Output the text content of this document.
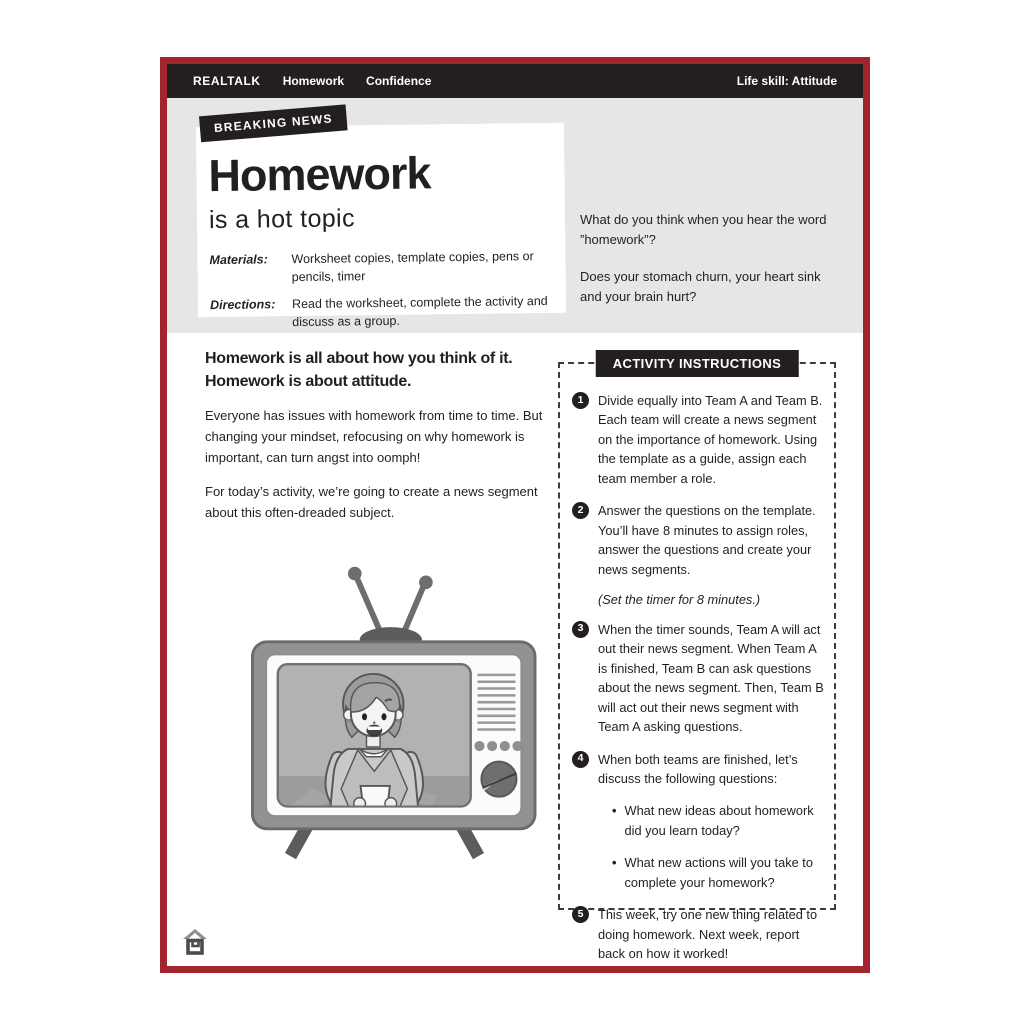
REALTALK Homework Confidence	Life skill: Attitude
BREAKING NEWS
Homework
is a hot topic
Materials:	Worksheet copies, template copies, pens or pencils, timer
Directions:	Read the worksheet, complete the activity and discuss as a group.

What do you think when you hear the word ”homework”?

Does your stomach churn, your heart sink and your brain hurt?

Homework is all about how you think of it.
Homework is about attitude.

Everyone has issues with homework from time to time. But changing your mindset, refocusing on why homework is important, can turn angst into oomph!

For today’s activity, we’re going to create a news segment about this often-dreaded subject.

ACTIVITY INSTRUCTIONS
1	Divide equally into Team A and Team B. Each team will create a news segment on the importance of homework. Using the template as a guide, assign each team member a role.
2	Answer the questions on the template. You’ll have 8 minutes to assign roles, answer the questions and create your news segments.
(Set the timer for 8 minutes.)
3	When the timer sounds, Team A will act out their news segment. When Team A is finished, Team B can ask questions about the news segment. Then, Team B will act out their news segment with Team A asking questions.
4	When both teams are finished, let’s discuss the following questions:
• What new ideas about homework did you learn today?
• What new actions will you take to complete your homework?
5	This week, try one new thing related to doing homework. Next week, report back on how it worked!
